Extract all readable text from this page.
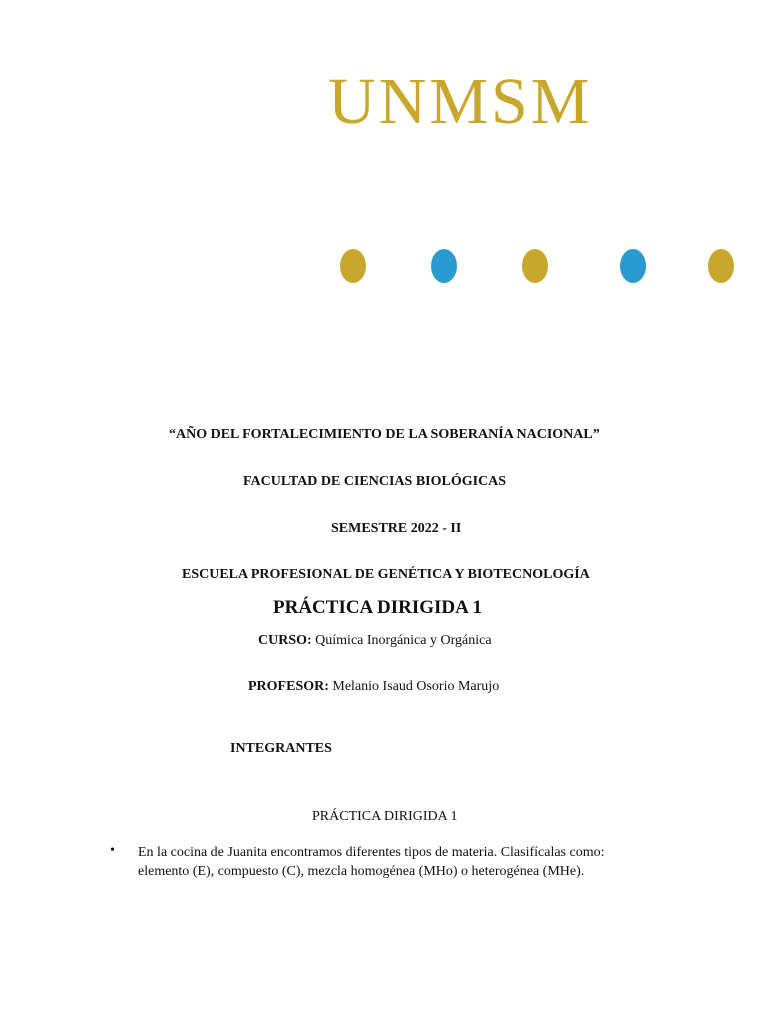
UNMSM
“AÑO DEL FORTALECIMIENTO DE LA SOBERANÍA NACIONAL”
FACULTAD DE CIENCIAS BIOLÓGICAS
SEMESTRE 2022 - II
ESCUELA PROFESIONAL DE GENÉTICA Y BIOTECNOLOGÍA
PRÁCTICA DIRIGIDA 1
CURSO: Química Inorgánica y Orgánica
PROFESOR: Melanio Isaud Osorio Marujo
INTEGRANTES
PRÁCTICA DIRIGIDA 1
• En la cocina de Juanita encontramos diferentes tipos de materia. Clasifícalas como: elemento (E), compuesto (C), mezcla homogénea (MHo) o heterogénea (MHe).
